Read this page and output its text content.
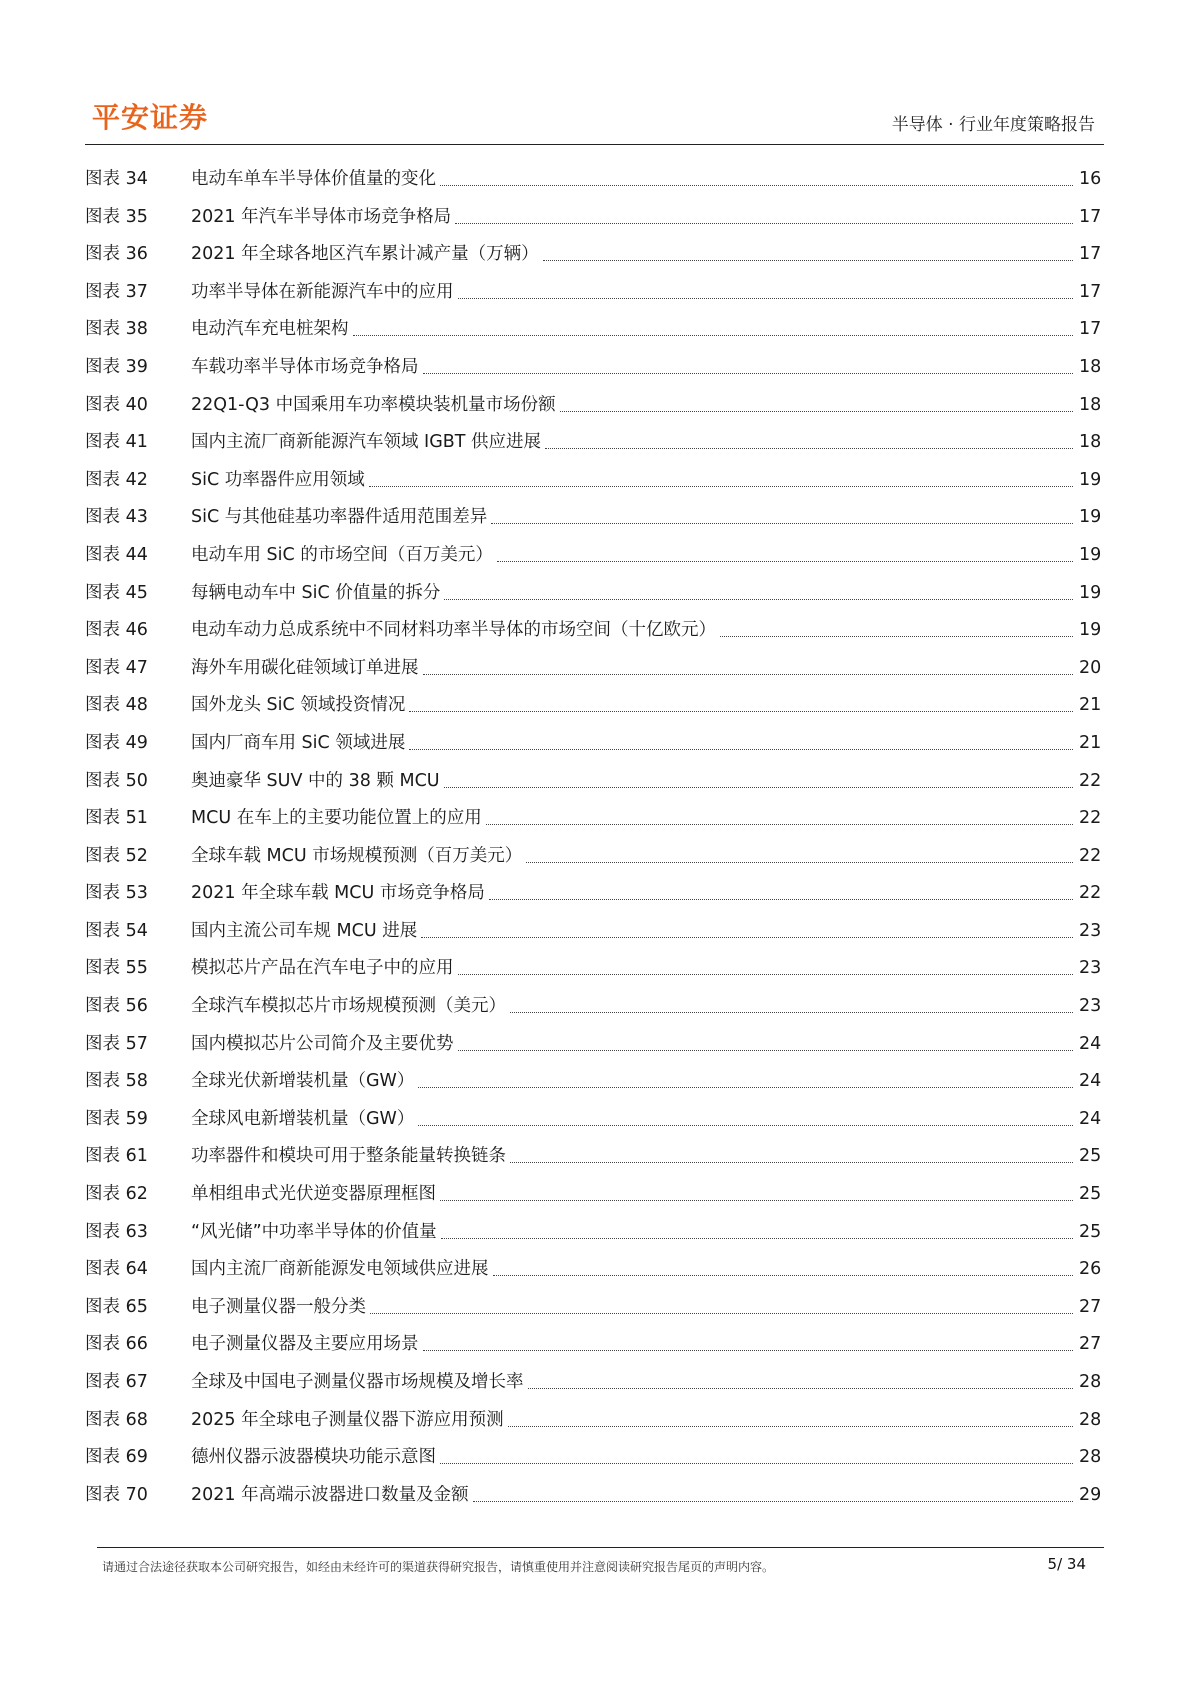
平安证券	半导体 · 行业年度策略报告
图表 34	电动车单车半导体价值量的变化	16
图表 35	2021 年汽车半导体市场竞争格局	17
图表 36	2021 年全球各地区汽车累计减产量（万辆）	17
图表 37	功率半导体在新能源汽车中的应用	17
图表 38	电动汽车充电桩架构	17
图表 39	车载功率半导体市场竞争格局	18
图表 40	22Q1-Q3 中国乘用车功率模块装机量市场份额	18
图表 41	国内主流厂商新能源汽车领域 IGBT 供应进展	18
图表 42	SiC 功率器件应用领域	19
图表 43	SiC 与其他硅基功率器件适用范围差异	19
图表 44	电动车用 SiC 的市场空间（百万美元）	19
图表 45	每辆电动车中 SiC 价值量的拆分	19
图表 46	电动车动力总成系统中不同材料功率半导体的市场空间（十亿欧元）	19
图表 47	海外车用碳化硅领域订单进展	20
图表 48	国外龙头 SiC 领域投资情况	21
图表 49	国内厂商车用 SiC 领域进展	21
图表 50	奥迪豪华 SUV 中的 38 颗 MCU	22
图表 51	MCU 在车上的主要功能位置上的应用	22
图表 52	全球车载 MCU 市场规模预测（百万美元）	22
图表 53	2021 年全球车载 MCU 市场竞争格局	22
图表 54	国内主流公司车规 MCU 进展	23
图表 55	模拟芯片产品在汽车电子中的应用	23
图表 56	全球汽车模拟芯片市场规模预测（美元）	23
图表 57	国内模拟芯片公司简介及主要优势	24
图表 58	全球光伏新增装机量（GW）	24
图表 59	全球风电新增装机量（GW）	24
图表 61	功率器件和模块可用于整条能量转换链条	25
图表 62	单相组串式光伏逆变器原理框图	25
图表 63	“风光储”中功率半导体的价值量	25
图表 64	国内主流厂商新能源发电领域供应进展	26
图表 65	电子测量仪器一般分类	27
图表 66	电子测量仪器及主要应用场景	27
图表 67	全球及中国电子测量仪器市场规模及增长率	28
图表 68	2025 年全球电子测量仪器下游应用预测	28
图表 69	德州仪器示波器模块功能示意图	28
图表 70	2021 年高端示波器进口数量及金额	29
请通过合法途径获取本公司研究报告，如经由未经许可的渠道获得研究报告，请慎重使用并注意阅读研究报告尾页的声明内容。	5/ 34
